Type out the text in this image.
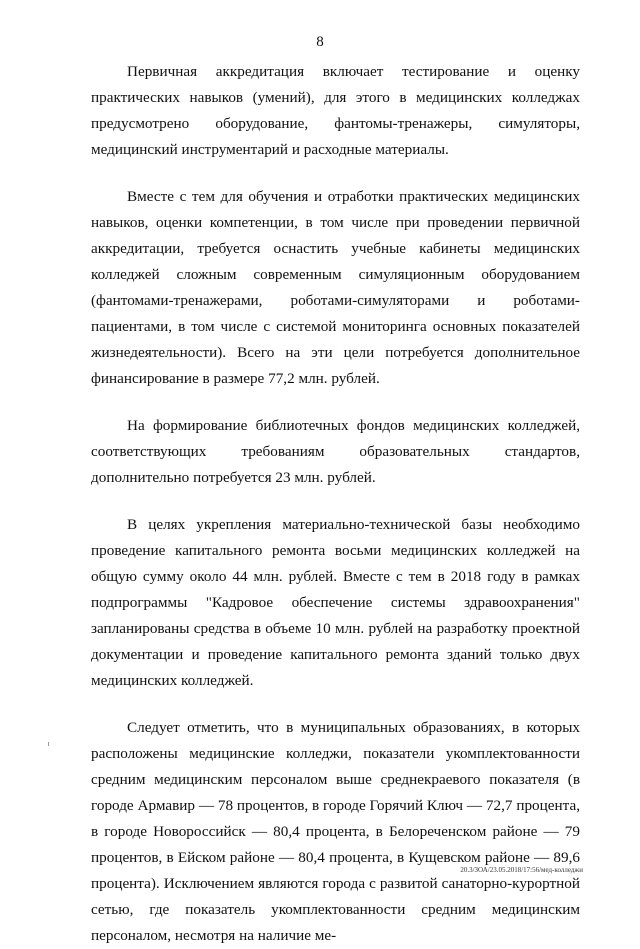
8

Первичная аккредитация включает тестирование и оценку практических навыков (умений), для этого в медицинских колледжах предусмотрено оборудование, фантомы-тренажеры, симуляторы, медицинский инструментарий и расходные материалы.

Вместе с тем для обучения и отработки практических медицинских навыков, оценки компетенции, в том числе при проведении первичной аккредитации, требуется оснастить учебные кабинеты медицинских колледжей сложным современным симуляционным оборудованием (фантомами-тренажерами, роботами-симуляторами и роботами-пациентами, в том числе с системой мониторинга основных показателей жизнедеятельности). Всего на эти цели потребуется дополнительное финансирование в размере 77,2 млн. рублей.

На формирование библиотечных фондов медицинских колледжей, соответствующих требованиям образовательных стандартов, дополнительно потребуется 23 млн. рублей.

В целях укрепления материально-технической базы необходимо проведение капитального ремонта восьми медицинских колледжей на общую сумму около 44 млн. рублей. Вместе с тем в 2018 году в рамках подпрограммы "Кадровое обеспечение системы здравоохранения" запланированы средства в объеме 10 млн. рублей на разработку проектной документации и проведение капитального ремонта зданий только двух медицинских колледжей.

Следует отметить, что в муниципальных образованиях, в которых расположены медицинские колледжи, показатели укомплектованности средним медицинским персоналом выше среднекраевого показателя (в городе Армавир — 78 процентов, в городе Горячий Ключ — 72,7 процента, в городе Новороссийск — 80,4 процента, в Белореченском районе — 79 процентов, в Ейском районе — 80,4 процента, в Кущевском районе — 89,6 процента). Исключением являются города с развитой санаторно-курортной сетью, где показатель укомплектованности средним медицинским персоналом, несмотря на наличие ме-

20.3/ЗОА/23.05.2018/17:56/мед-колледжи
